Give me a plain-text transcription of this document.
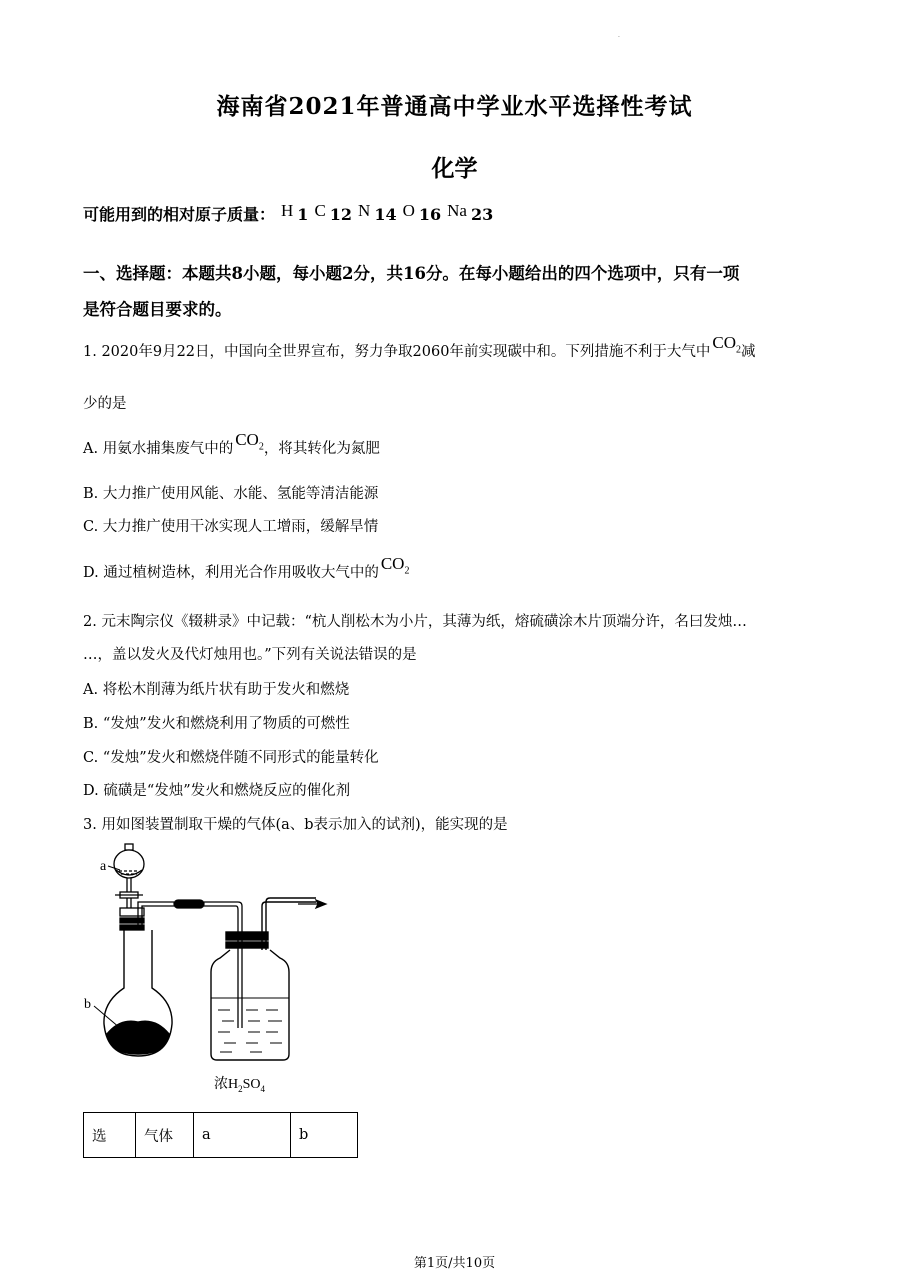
·
海南省2021年普通高中学业水平选择性考试
化学
可能用到的相对原子质量： H 1 C 12 N 14 O 16 Na 23
一、选择题：本题共8小题，每小题2分，共16分。在每小题给出的四个选项中，只有一项
是符合题目要求的。
1. 2020年9月22日，中国向全世界宣布，努力争取2060年前实现碳中和。下列措施不利于大气中 $CO_2$减
少的是
A. 用氨水捕集废气中的 $CO_2$，将其转化为氮肥
B. 大力推广使用风能、水能、氢能等清洁能源
C. 大力推广使用干冰实现人工增雨，缓解旱情
D. 通过植树造林，利用光合作用吸收大气中的 $CO_2$
2. 元末陶宗仪《辍耕录》中记载：“杭人削松木为小片，其薄为纸，熔硫磺涂木片顶端分许，名曰发烛…
…，盖以发火及代灯烛用也。”下列有关说法错误的是
A. 将松木削薄为纸片状有助于发火和燃烧
B. “发烛”发火和燃烧利用了物质的可燃性
C. “发烛”发火和燃烧伴随不同形式的能量转化
D. 硫磺是“发烛”发火和燃烧反应的催化剂
3. 用如图装置制取干燥的气体(a、b表示加入的试剂)，能实现的是
a
b
浓$H_2SO_4$
选	气体	a	b
第1页/共10页
